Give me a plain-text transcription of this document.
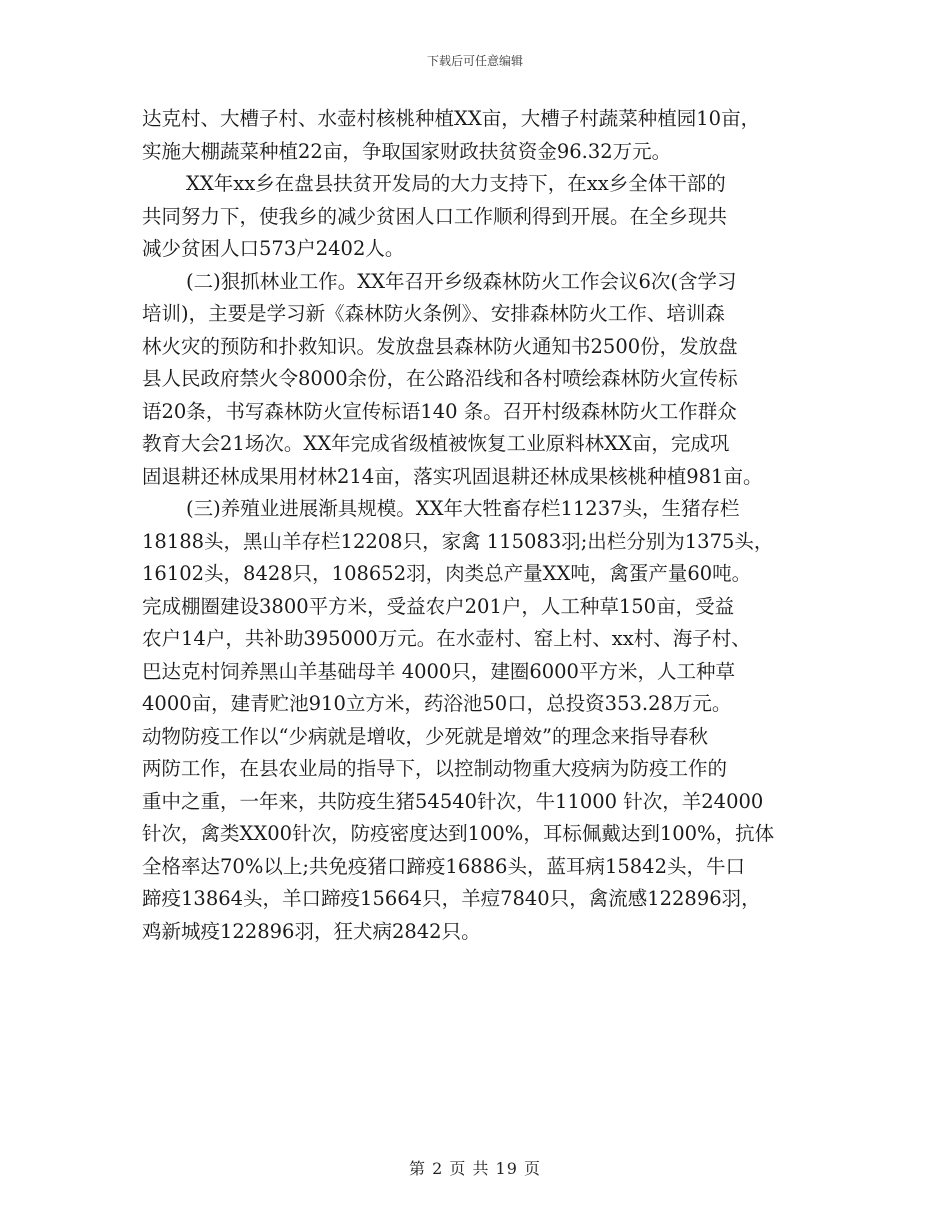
下载后可任意编辑
达克村、大槽子村、水壶村核桃种植XX亩，大槽子村蔬菜种植园10亩，
实施大棚蔬菜种植22亩，争取国家财政扶贫资金96.32万元。
XX年xx乡在盘县扶贫开发局的大力支持下，在xx乡全体干部的
共同努力下，使我乡的减少贫困人口工作顺利得到开展。在全乡现共
减少贫困人口573户2402人。
(二)狠抓林业工作。XX年召开乡级森林防火工作会议6次(含学习
培训)，主要是学习新《森林防火条例》、安排森林防火工作、培训森
林火灾的预防和扑救知识。发放盘县森林防火通知书2500份，发放盘
县人民政府禁火令8000余份，在公路沿线和各村喷绘森林防火宣传标
语20条，书写森林防火宣传标语140 条。召开村级森林防火工作群众
教育大会21场次。XX年完成省级植被恢复工业原料林XX亩，完成巩
固退耕还林成果用材林214亩，落实巩固退耕还林成果核桃种植981亩。
(三)养殖业进展渐具规模。XX年大牲畜存栏11237头，生猪存栏
18188头，黑山羊存栏12208只，家禽 115083羽;出栏分别为1375头，
16102头，8428只，108652羽，肉类总产量XX吨，禽蛋产量60吨。
完成棚圈建设3800平方米，受益农户201户，人工种草150亩，受益
农户14户，共补助395000万元。在水壶村、窑上村、xx村、海子村、
巴达克村饲养黑山羊基础母羊 4000只，建圈6000平方米，人工种草
4000亩，建青贮池910立方米，药浴池50口，总投资353.28万元。
动物防疫工作以“少病就是增收，少死就是增效”的理念来指导春秋
两防工作，在县农业局的指导下，以控制动物重大疫病为防疫工作的
重中之重，一年来，共防疫生猪54540针次，牛11000 针次，羊24000
针次，禽类XX00针次，防疫密度达到100%，耳标佩戴达到100%，抗体
全格率达70%以上;共免疫猪口蹄疫16886头，蓝耳病15842头，牛口
蹄疫13864头，羊口蹄疫15664只，羊痘7840只，禽流感122896羽，
鸡新城疫122896羽，狂犬病2842只。
第 2 页 共 19 页
